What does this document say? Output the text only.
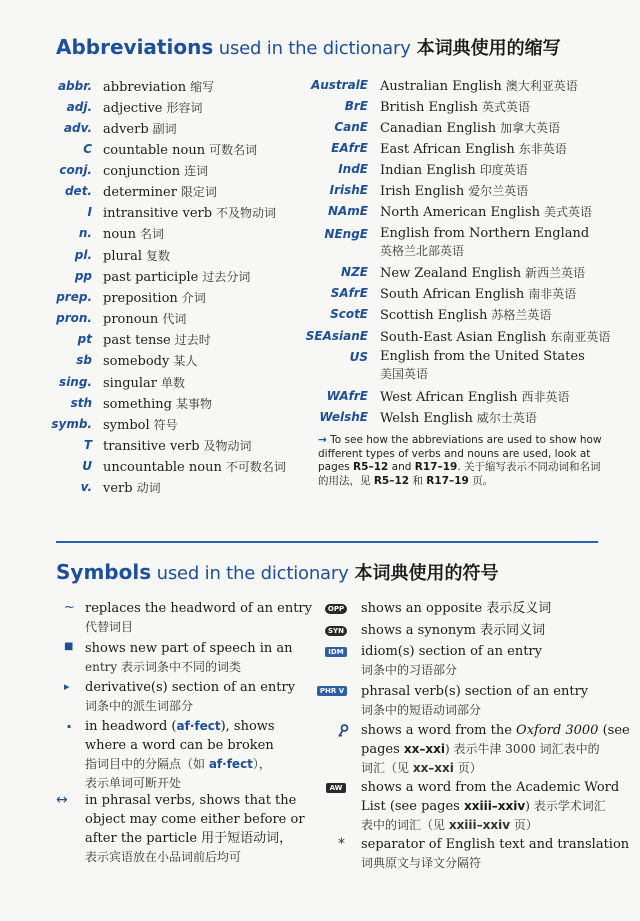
Abbreviations used in the dictionary 本词典使用的缩写
abbr. abbreviation 缩写
adj. adjective 形容词
adv. adverb 副词
C countable noun 可数名词
conj. conjunction 连词
det. determiner 限定词
I intransitive verb 不及物动词
n. noun 名词
pl. plural 复数
pp past participle 过去分词
prep. preposition 介词
pron. pronoun 代词
pt past tense 过去时
sb somebody 某人
sing. singular 单数
sth something 某事物
symb. symbol 符号
T transitive verb 及物动词
U uncountable noun 不可数名词
v. verb 动词
AustralE Australian English 澳大利亚英语
BrE British English 英式英语
CanE Canadian English 加拿大英语
EAfrE East African English 东非英语
IndE Indian English 印度英语
IrishE Irish English 爱尔兰英语
NAmE North American English 美式英语
NEngE English from Northern England
英格兰北部英语
NZE New Zealand English 新西兰英语
SAfrE South African English 南非英语
ScotE Scottish English 苏格兰英语
SEAsianE South-East Asian English 东南亚英语
US English from the United States
美国英语
WAfrE West African English 西非英语
WelshE Welsh English 威尔士英语
→ To see how the abbreviations are used to show how different types of verbs and nouns are used, look at pages R5–12 and R17–19. 关于缩写表示不同动词和名词的用法，见 R5–12 和 R17–19 页。
Symbols used in the dictionary 本词典使用的符号
~ replaces the headword of an entry
代替词目
■ shows new part of speech in an
entry 表示词条中不同的词类
▸ derivative(s) section of an entry
词条中的派生词部分
· in headword (af·fect), shows
where a word can be broken
指词目中的分隔点（如 af·fect），
表示单词可断开处
↔ in phrasal verbs, shows that the
object may come either before or
after the particle 用于短语动词，
表示宾语放在小品词前后均可
OPP shows an opposite 表示反义词
SYN shows a synonym 表示同义词
IDM idiom(s) section of an entry
词条中的习语部分
PHR V phrasal verb(s) section of an entry
词条中的短语动词部分
shows a word from the Oxford 3000 (see
pages xx–xxi) 表示牛津 3000 词汇表中的
词汇（见 xx–xxi 页）
AW shows a word from the Academic Word
List (see pages xxiii–xxiv) 表示学术词汇
表中的词汇（见 xxiii–xxiv 页）
* separator of English text and translation
词典原文与译文分隔符
